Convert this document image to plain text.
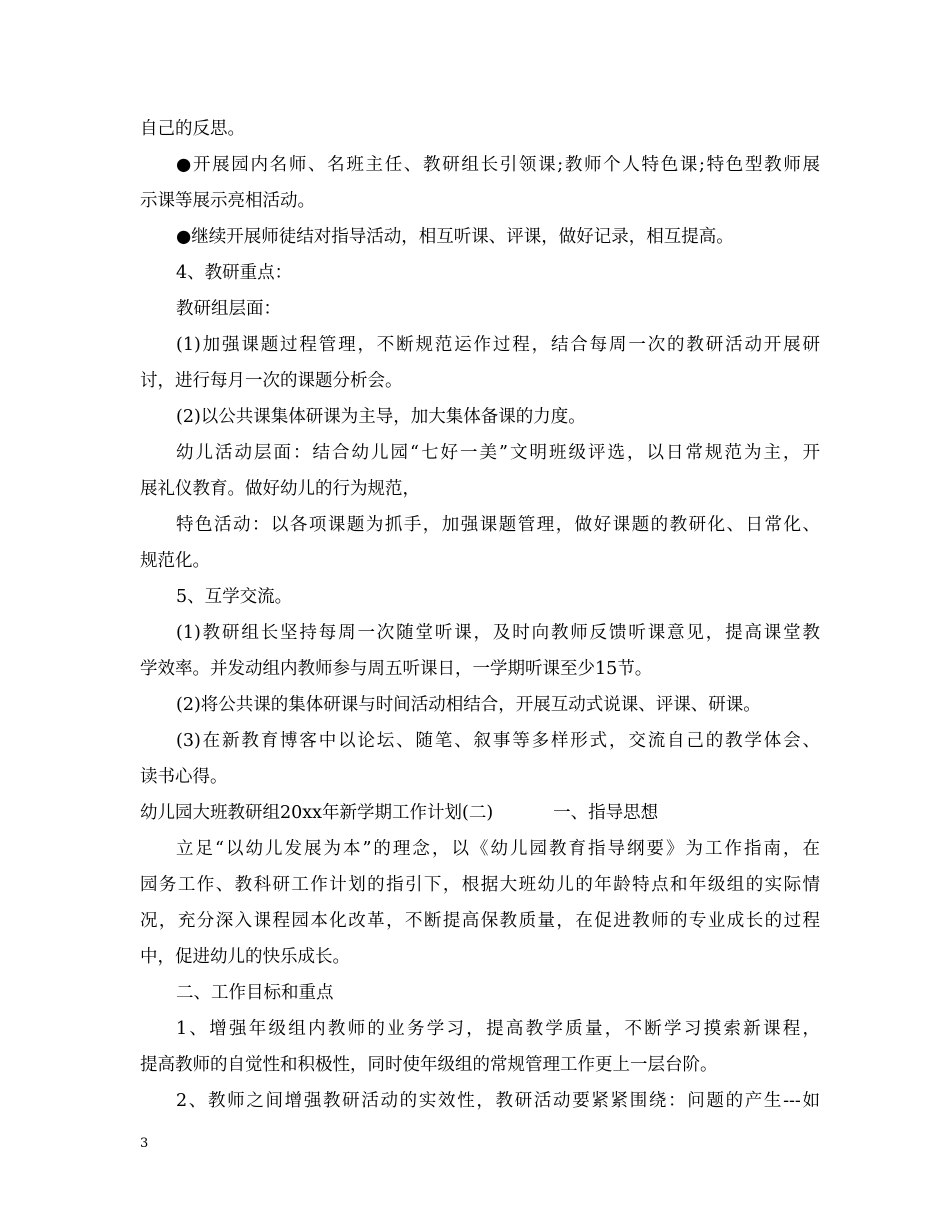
自己的反思。
●开展园内名师、名班主任、教研组长引领课;教师个人特色课;特色型教师展
示课等展示亮相活动。
●继续开展师徒结对指导活动，相互听课、评课，做好记录，相互提高。
4、教研重点：
教研组层面：
(1)加强课题过程管理，不断规范运作过程，结合每周一次的教研活动开展研
讨，进行每月一次的课题分析会。
(2)以公共课集体研课为主导，加大集体备课的力度。
幼儿活动层面：结合幼儿园“七好一美”文明班级评选，以日常规范为主，开
展礼仪教育。做好幼儿的行为规范，
特色活动：以各项课题为抓手，加强课题管理，做好课题的教研化、日常化、
规范化。
5、互学交流。
(1)教研组长坚持每周一次随堂听课，及时向教师反馈听课意见，提高课堂教
学效率。并发动组内教师参与周五听课日，一学期听课至少15节。
(2)将公共课的集体研课与时间活动相结合，开展互动式说课、评课、研课。
(3)在新教育博客中以论坛、随笔、叙事等多样形式，交流自己的教学体会、
读书心得。
幼儿园大班教研组20xx年新学期工作计划(二)	一、指导思想
立足“以幼儿发展为本”的理念，以《幼儿园教育指导纲要》为工作指南，在
园务工作、教科研工作计划的指引下，根据大班幼儿的年龄特点和年级组的实际情
况，充分深入课程园本化改革，不断提高保教质量，在促进教师的专业成长的过程
中，促进幼儿的快乐成长。
二、工作目标和重点
1、增强年级组内教师的业务学习，提高教学质量，不断学习摸索新课程，
提高教师的自觉性和积极性，同时使年级组的常规管理工作更上一层台阶。
2、教师之间增强教研活动的实效性，教研活动要紧紧围绕：问题的产生---如
3
